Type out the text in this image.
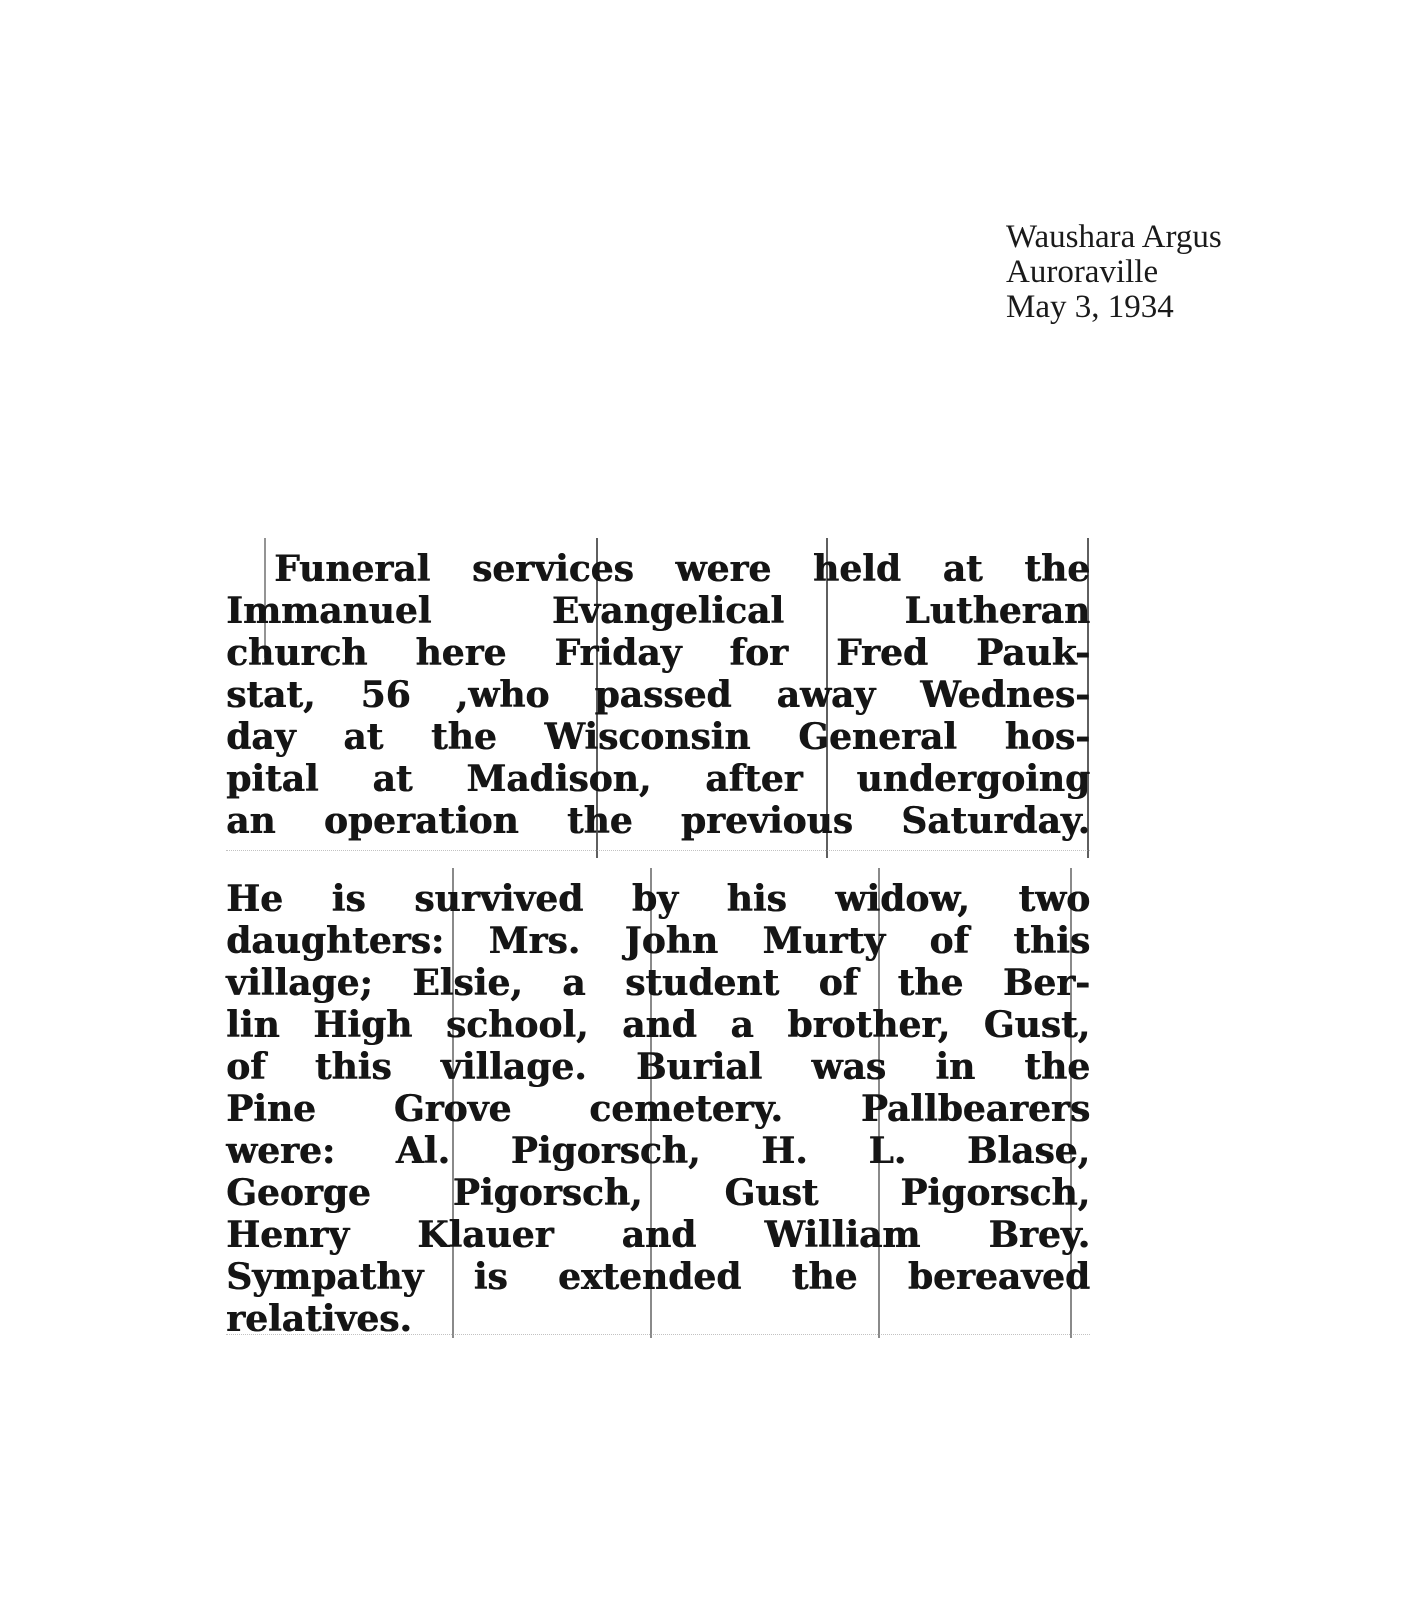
Waushara Argus
Auroraville
May 3, 1934
Funeral services were held at the
Immanuel Evangelical Lutheran
church here Friday for Fred Pauk-
stat, 56 ,who passed away Wednes-
day at the Wisconsin General hos-
pital at Madison, after undergoing
an operation the previous Saturday.
He is survived by his widow, two
daughters: Mrs. John Murty of this
village; Elsie, a student of the Ber-
lin High school, and a brother, Gust,
of this village. Burial was in the
Pine Grove cemetery. Pallbearers
were: Al. Pigorsch, H. L. Blase,
George Pigorsch, Gust Pigorsch,
Henry Klauer and William Brey.
Sympathy is extended the bereaved
relatives.
